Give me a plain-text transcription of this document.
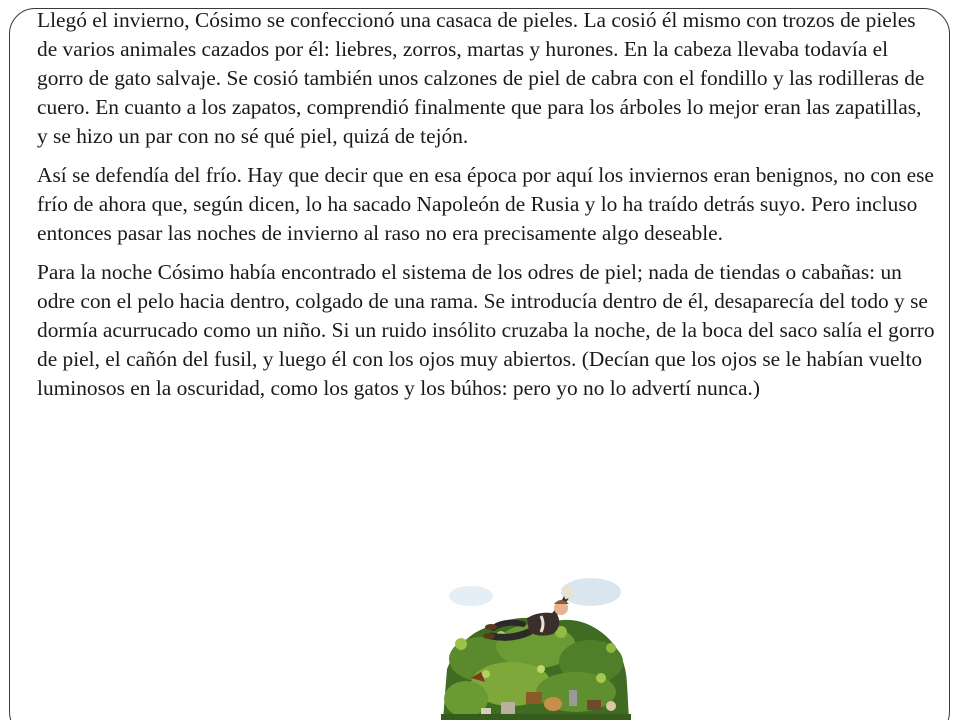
Llegó el invierno, Cósimo se confeccionó una casaca de pieles. La cosió él mismo con trozos de pieles de varios animales cazados por él: liebres, zorros, martas y hurones. En la cabeza llevaba todavía el gorro de gato salvaje. Se cosió también unos calzones de piel de cabra con el fondillo y las rodilleras de cuero. En cuanto a los zapatos, comprendió finalmente que para los árboles lo mejor eran las zapatillas, y se hizo un par con no sé qué piel, quizá de tejón.

Así se defendía del frío. Hay que decir que en esa época por aquí los inviernos eran benignos, no con ese frío de ahora que, según dicen, lo ha sacado Napoleón de Rusia y lo ha traído detrás suyo. Pero incluso entonces pasar las noches de invierno al raso no era precisamente algo deseable.

Para la noche Cósimo había encontrado el sistema de los odres de piel; nada de tiendas o cabañas: un odre con el pelo hacia dentro, colgado de una rama. Se introducía dentro de él, desaparecía del todo y se dormía acurrucado como un niño. Si un ruido insólito cruzaba la noche, de la boca del saco salía el gorro de piel, el cañón del fusil, y luego él con los ojos muy abiertos. (Decían que los ojos se le habían vuelto luminosos en la oscuridad, como los gatos y los búhos: pero yo no lo advertí nunca.)
